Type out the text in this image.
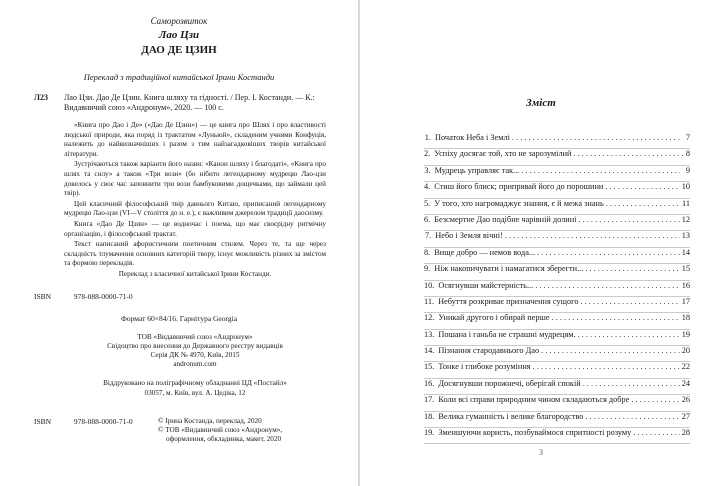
Саморозвиток
Лао Цзи
ДАО ДЕ ЦЗИН
Переклад з традиційної китайської Ірини Костанди
Л23 Лао Цзи. Дао Де Цзин. Книга шляху та гідності. / Пер. І. Костанди. — К.: Видавничий союз «Андронум», 2020. — 100 с.

«Книга про Дао і Де» («Дао Де Цзин») — це книга про Шлях і про властивості людської природи, яка поряд із трактатом «Луньюй», складеним учнями Конфуція, належить до найвизначніших і разом з тим найзагадковіших творів китайської літератури.

Зустрічаються також варіанти його назви: «Канон шляху і благодаті», «Книга про шлях та силу» а також «Три вози» (бо нібито легендарному мудрецю Лао-цзи довелось у своє час заповнити три вози бамбуковими дощечками, що займали цей твір).

Цей класичний філософський твір давнього Китаю, приписаний легендарному мудрецю Лао-цзи (VI—V століття до н. е.), є важливим джерелом традиції даосизму.

Книга «Дао Де Цзин» — це водночас і поема, що має своєрідну ритмічну організацію, і філософський трактат.

Текст написаний афористичним поетичним стилем. Через те, та ще через складність тлумачення основних категорій твору, існує можливість різних за змістом та формою перекладів.

Переклад з класичної китайської Ірини Костанди.

ISBN	978-088-0000-71-0
Формат 60×84/16. Гарнітура Georgia
ТОВ «Видавничий союз «Андронум»
Свідоцтво про внесення до Державного реєстру видавців
Серія ДК № 4970, Київ, 2015
andronum.com
Віддруковано на поліграфічному обладнанні ЦД «Постайл»
03057, м. Київ, вул. А. Цедіка, 12
ISBN	978-088-0000-71-0	© Ірина Костанда, переклад, 2020
© ТОВ «Видавничий союз «Андронум»,
оформлення, обкладинка, макет, 2020
Зміст
1. Початок Неба і Землі . . .	7
2. Успіху досягає той, хто не зарозумілий . . .	8
3. Мудрець управляє так... . . .	9
4. Стиш його блиск; припрявай його до порошини . . .	10
5. У того, хто нагромаджує знання, є й межа знань . . .	11
6. Безсмертне Дао подібне чарівній долині . . .	12
7. Небо і Земля вічні! . . .	13
8. Вище добро — немов вода... . . .	14
9. Ніж накопичувати і намагатися зберегти... . . .	15
10. Осягнувши майстерність... . . .	16
11. Небуття розкриває призначення сущого . . .	17
12. Уникай другого і обирай перше . . .	18
13. Пошана і ганьба не страшні мудрецям. . . .	19
14. Пізнання стародавнього Дао . . .	20
15. Тонке і глибоке розуміння . . .	22
16. Досягнувши порожнечі, оберігай спокій . . .	24
17. Коли всі справи природним чином складаються добре . . .	26
18. Велика гуманність і велике благородство . . .	27
19. Зменшуючи користь, позбуваймося спритності розуму . . .	28
3
